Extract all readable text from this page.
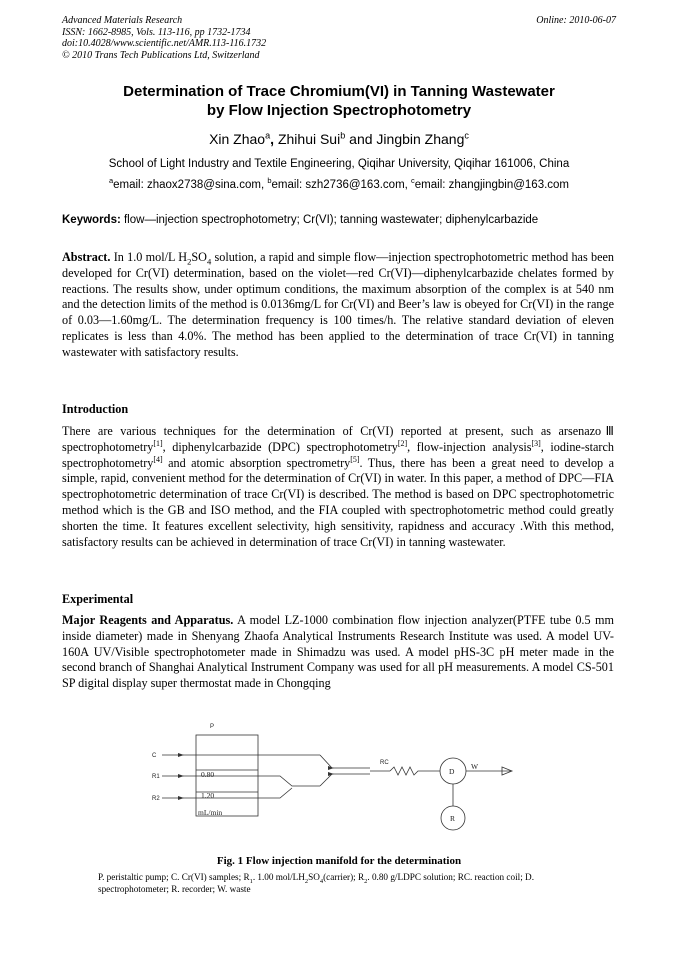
Advanced Materials Research
ISSN: 1662-8985, Vols. 113-116, pp 1732-1734
doi:10.4028/www.scientific.net/AMR.113-116.1732
© 2010 Trans Tech Publications Ltd, Switzerland
Online: 2010-06-07
Determination of Trace Chromium(VI) in Tanning Wastewater
by Flow Injection Spectrophotometry
Xin Zhao$^a$, Zhihui Sui$^b$ and Jingbin Zhang$^c$
School of Light Industry and Textile Engineering, Qiqihar University, Qiqihar 161006, China
$^a$email: zhaox2738@sina.com, $^b$email: szh2736@163.com, $^c$email: zhangjingbin@163.com
Keywords: flow—injection spectrophotometry; Cr(VI); tanning wastewater; diphenylcarbazide
Abstract. In 1.0 mol/L $H_2SO_4$ solution, a rapid and simple flow—injection spectrophotometric method has been developed for Cr(VI) determination, based on the violet—red Cr(VI)—diphenylcarbazide chelates formed by reactions. The results show, under optimum conditions, the maximum absorption of the complex is at 540 nm and the detection limits of the method is 0.0136mg/L for Cr(VI) and Beer’s law is obeyed for Cr(VI) in the range of 0.03—1.60mg/L. The determination frequency is 100 times/h. The relative standard deviation of eleven replicates is less than 4.0%. The method has been applied to the determination of trace Cr(VI) in tanning wastewater with satisfactory results.
Introduction
There are various techniques for the determination of Cr(VI) reported at present, such as arsenazoⅢ spectrophotometry[1], diphenylcarbazide (DPC) spectrophotometry[2], flow-injection analysis[3], iodine-starch spectrophotometry[4] and atomic absorption spectrometry[5]. Thus, there has been a great need to develop a simple, rapid, convenient method for the determination of Cr(VI) in water. In this paper, a method of DPC—FIA spectrophotometric determination of trace Cr(VI) is described. The method is based on DPC spectrophotometric method which is the GB and ISO method, and the FIA coupled with spectrophotometric method could greatly shorten the time. It features excellent selectivity, high sensitivity, rapidness and accuracy .With this method, satisfactory results can be achieved in determination of trace Cr(VI) in tanning wastewater.
Experimental
Major Reagents and Apparatus. A model LZ-1000 combination flow injection analyzer(PTFE tube 0.5 mm inside diameter) made in Shenyang Zhaofa Analytical Instruments Research Institute was used. A model UV-160A UV/Visible spectrophotometer made in Shimadzu was used. A model pHS-3C pH meter made in the second branch of Shanghai Analytical Instrument Company was used for all pH measurements. A model CS-501 SP digital display super thermostat made in Chongqing
P
C
R1
R2
0.80
1.20
mL/min
RC
D
W
R
Fig. 1 Flow injection manifold for the determination
P. peristaltic pump; C. Cr(VI) samples; $R_1$. 1.00 mol/$LH_2SO_4(carrier)$; $R_2$. 0.80 g/LDPC solution; RC. reaction coil; D. spectrophotometer; R. recorder; W. waste
